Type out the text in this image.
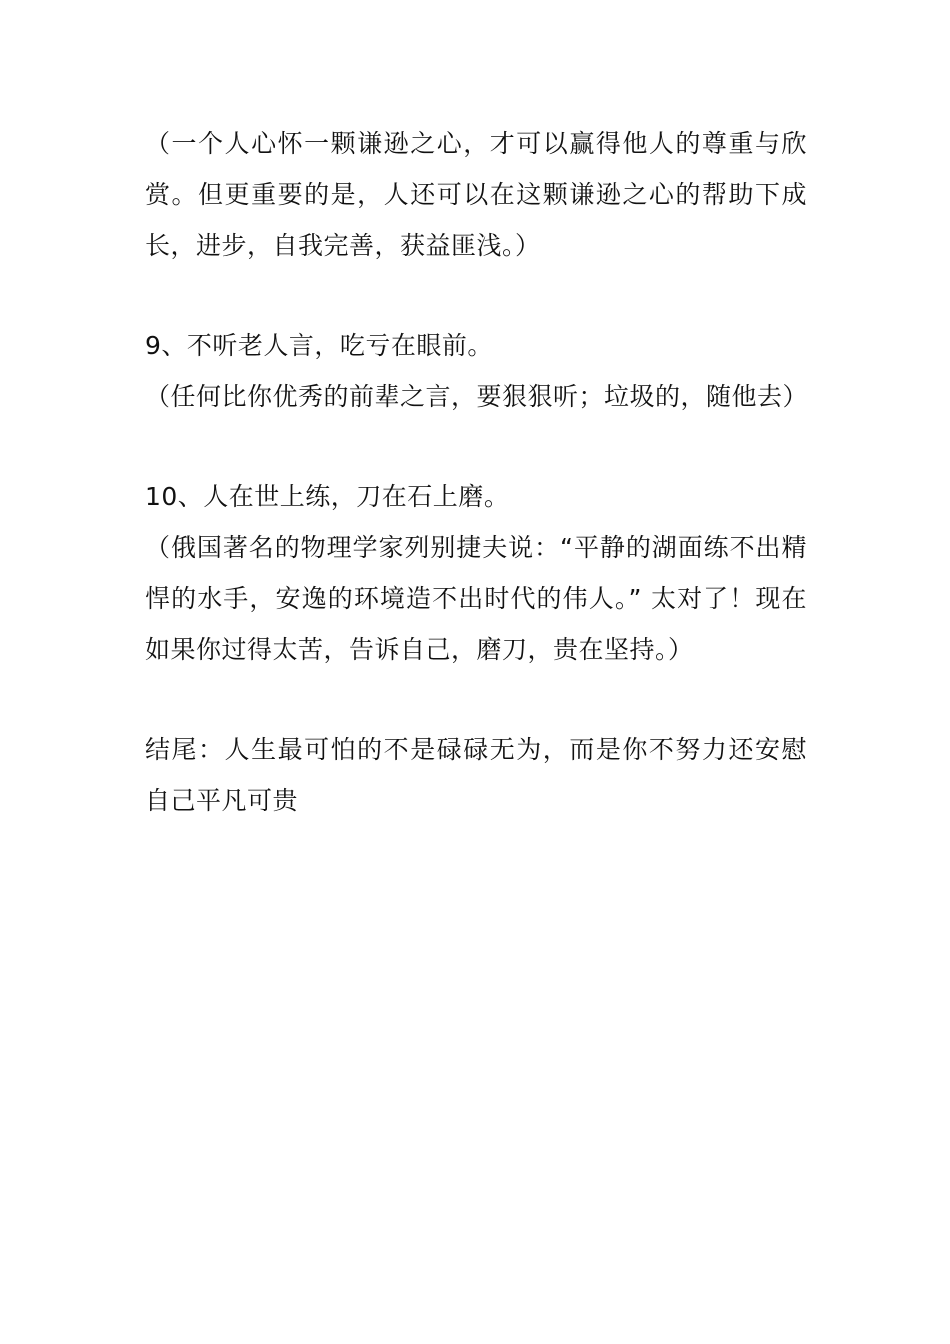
（一个人心怀一颗谦逊之心，才可以赢得他人的尊重与欣赏。但更重要的是，人还可以在这颗谦逊之心的帮助下成长，进步，自我完善，获益匪浅。）

9、不听老人言，吃亏在眼前。

（任何比你优秀的前辈之言，要狠狠听；垃圾的，随他去）

10、人在世上练，刀在石上磨。

（俄国著名的物理学家列别捷夫说：“平静的湖面练不出精悍的水手，安逸的环境造不出时代的伟人。” 太对了！现在如果你过得太苦，告诉自己，磨刀，贵在坚持。）

结尾：人生最可怕的不是碌碌无为，而是你不努力还安慰自己平凡可贵
